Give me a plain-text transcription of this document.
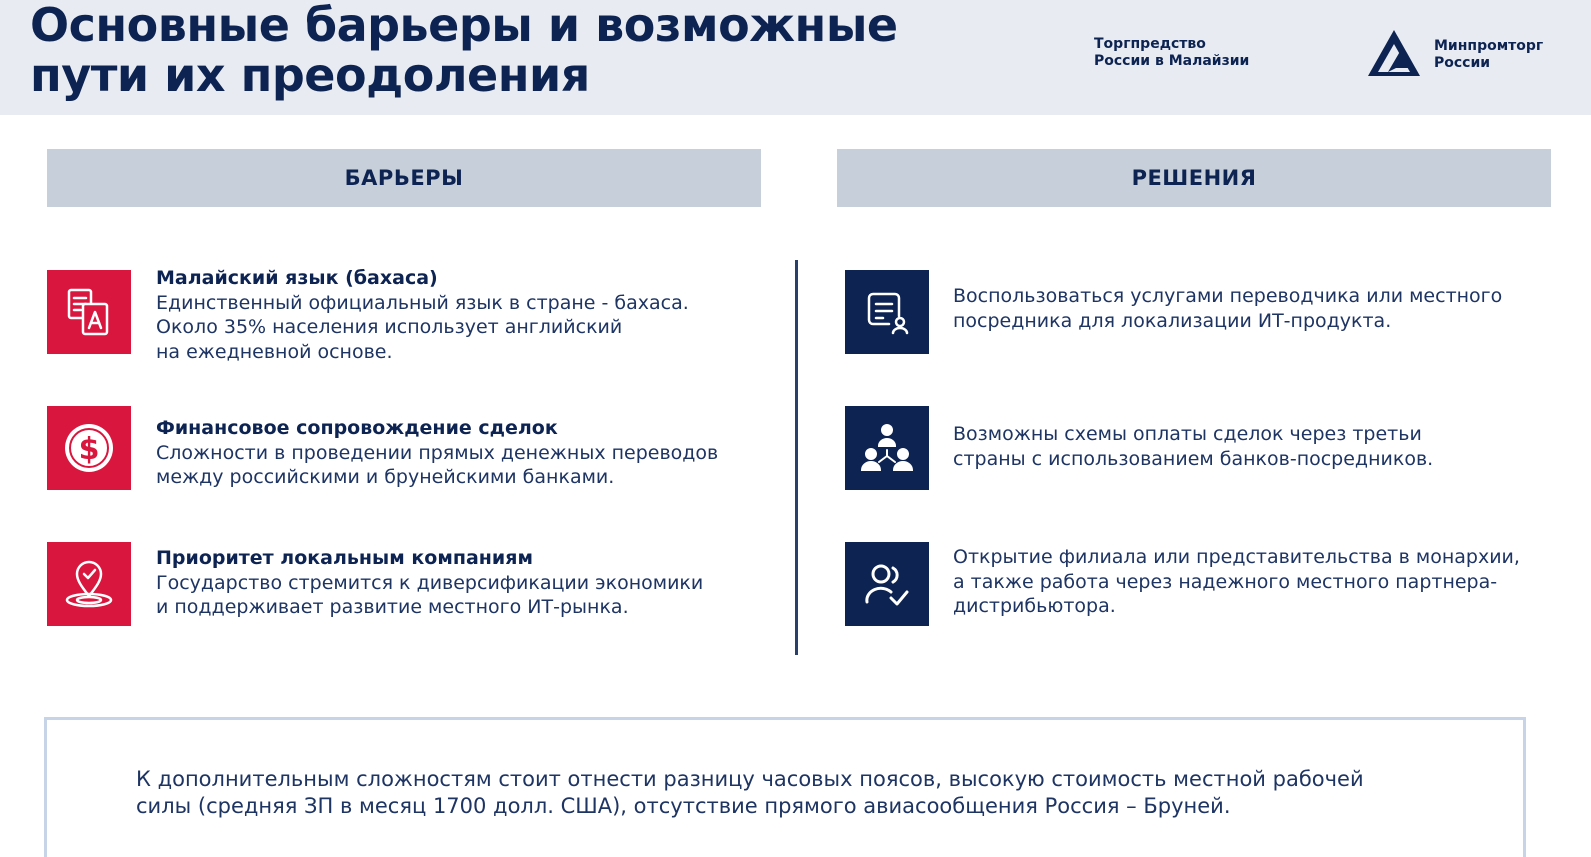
Основные барьеры и возможные
пути их преодоления
Торгпредство
России в Малайзии
Минпромторг
России
БАРЬЕРЫ	РЕШЕНИЯ
Малайский язык (бахаса)
Единственный официальный язык в стране - бахаса.
Около 35% населения использует английский
на ежедневной основе.
$
Финансовое сопровождение сделок
Сложности в проведении прямых денежных переводов
между российскими и брунейскими банками.
Приоритет локальным компаниям
Государство стремится к диверсификации экономики
и поддерживает развитие местного ИТ-рынка.
Воспользоваться услугами переводчика или местного
посредника для локализации ИТ-продукта.
Возможны схемы оплаты сделок через третьи
страны с использованием банков-посредников.
Открытие филиала или представительства в монархии,
а также работа через надежного местного партнера-
дистрибьютора.
К дополнительным сложностям стоит отнести разницу часовых поясов, высокую стоимость местной рабочей
силы (средняя ЗП в месяц 1700 долл. США), отсутствие прямого авиасообщения Россия – Бруней.
